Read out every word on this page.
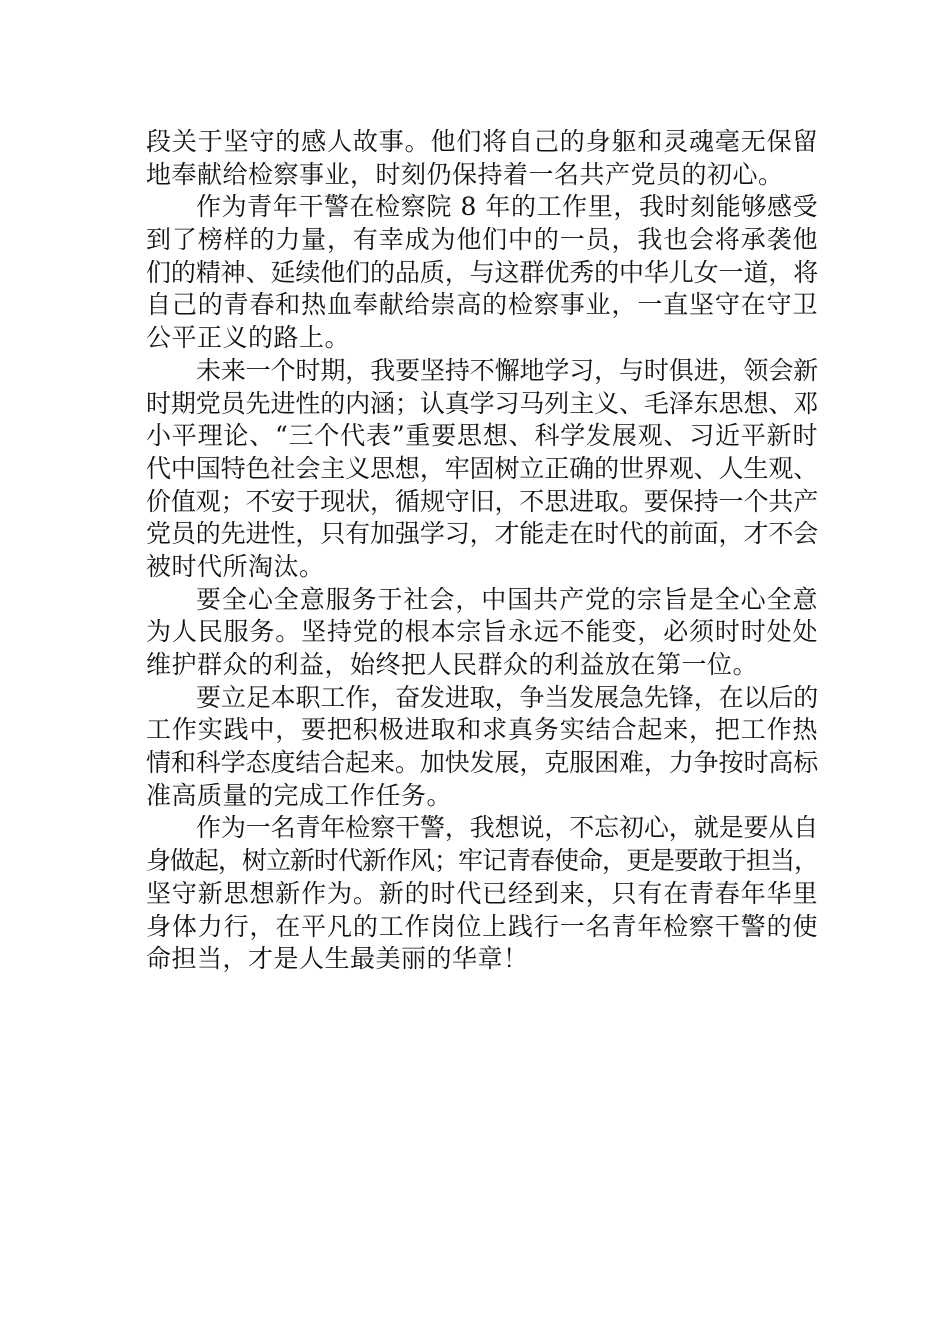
段关于坚守的感人故事。他们将自己的身躯和灵魂毫无保留
地奉献给检察事业，时刻仍保持着一名共产党员的初心。
作为青年干警在检察院 8 年的工作里，我时刻能够感受
到了榜样的力量，有幸成为他们中的一员，我也会将承袭他
们的精神、延续他们的品质，与这群优秀的中华儿女一道，将
自己的青春和热血奉献给崇高的检察事业，一直坚守在守卫
公平正义的路上。
未来一个时期，我要坚持不懈地学习，与时俱进，领会新
时期党员先进性的内涵；认真学习马列主义、毛泽东思想、邓
小平理论、“三个代表”重要思想、科学发展观、习近平新时
代中国特色社会主义思想，牢固树立正确的世界观、人生观、
价值观；不安于现状，循规守旧，不思进取。要保持一个共产
党员的先进性，只有加强学习，才能走在时代的前面，才不会
被时代所淘汰。
要全心全意服务于社会，中国共产党的宗旨是全心全意
为人民服务。坚持党的根本宗旨永远不能变，必须时时处处
维护群众的利益，始终把人民群众的利益放在第一位。
要立足本职工作，奋发进取，争当发展急先锋，在以后的
工作实践中，要把积极进取和求真务实结合起来，把工作热
情和科学态度结合起来。加快发展，克服困难，力争按时高标
准高质量的完成工作任务。
作为一名青年检察干警，我想说，不忘初心，就是要从自
身做起，树立新时代新作风；牢记青春使命，更是要敢于担当，
坚守新思想新作为。新的时代已经到来，只有在青春年华里
身体力行，在平凡的工作岗位上践行一名青年检察干警的使
命担当，才是人生最美丽的华章！
